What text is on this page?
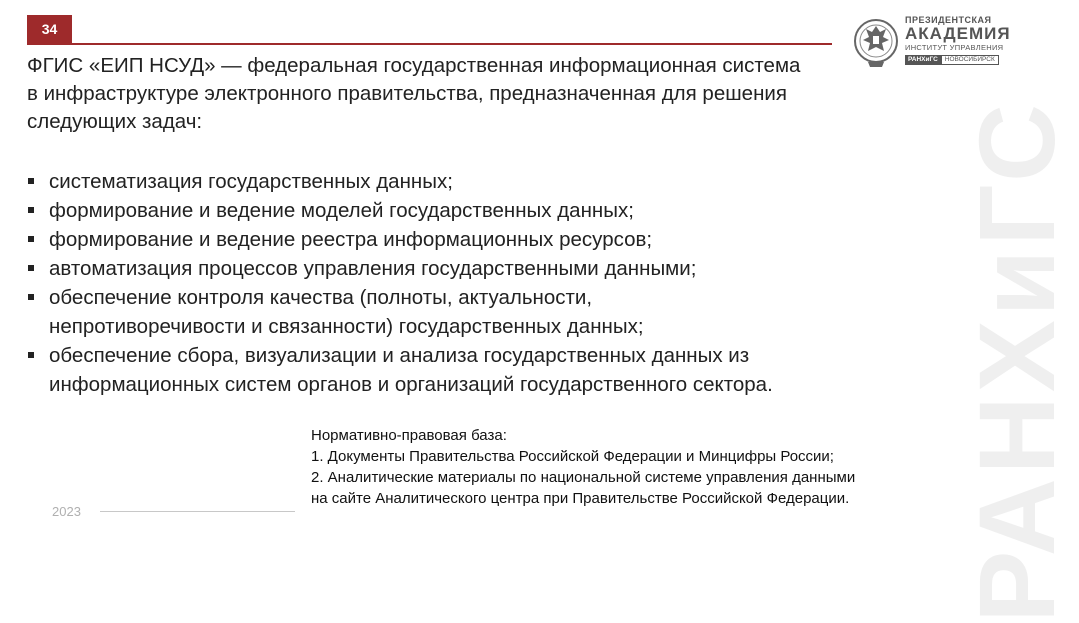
34
РАНХиГС
ПРЕЗИДЕНТСКАЯ
АКАДЕМИЯ
ИНСТИТУТ УПРАВЛЕНИЯ
РАНХиГС	НОВОСИБИРСК
ФГИС «ЕИП НСУД» — федеральная государственная информационная система
в инфраструктуре электронного правительства, предназначенная для решения
следующих задач:
систематизация государственных данных;
формирование и ведение моделей государственных данных;
формирование и ведение реестра информационных ресурсов;
автоматизация процессов управления государственными данными;
обеспечение контроля качества (полноты, актуальности,
непротиворечивости и связанности) государственных данных;
обеспечение сбора, визуализации и анализа государственных данных из
информационных систем органов и организаций государственного сектора.
Нормативно-правовая база:
1. Документы Правительства Российской Федерации и Минцифры России;
2. Аналитические материалы по национальной системе управления данными
на сайте Аналитического центра при Правительстве Российской Федерации.
2023
